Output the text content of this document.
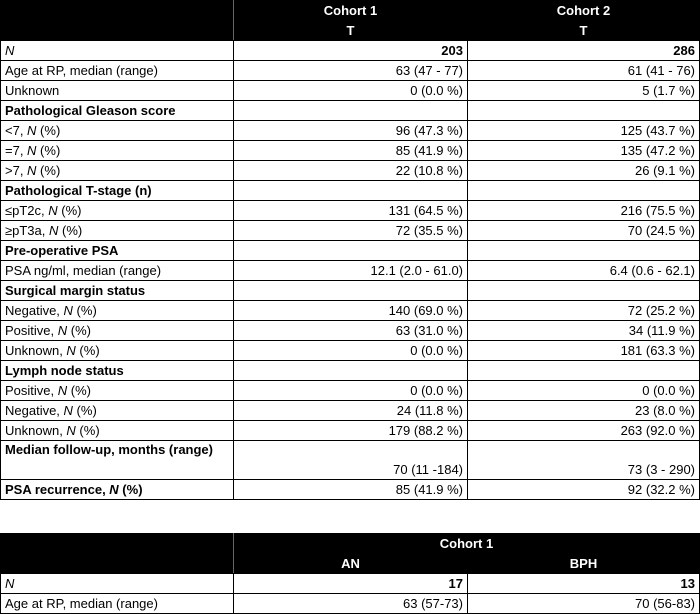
	Cohort 1	Cohort 2
	T	T
N	203	286
Age at RP, median (range)	63 (47 - 77)	61 (41 - 76)
Unknown	0 (0.0 %)	5 (1.7 %)
Pathological Gleason score		
<7, N (%)	96 (47.3 %)	125 (43.7 %)
=7, N (%)	85 (41.9 %)	135 (47.2 %)
>7, N (%)	22 (10.8 %)	26 (9.1 %)
Pathological T-stage (n)		
≤pT2c, N (%)	131 (64.5 %)	216 (75.5 %)
≥pT3a, N (%)	72 (35.5 %)	70 (24.5 %)
Pre-operative PSA		
PSA ng/ml, median (range)	12.1 (2.0 - 61.0)	6.4 (0.6 - 62.1)
Surgical margin status		
Negative, N (%)	140 (69.0 %)	72 (25.2 %)
Positive, N (%)	63 (31.0 %)	34 (11.9 %)
Unknown, N (%)	0 (0.0 %)	181 (63.3 %)
Lymph node status		
Positive, N (%)	0 (0.0 %)	0 (0.0 %)
Negative, N (%)	24 (11.8 %)	23 (8.0 %)
Unknown, N (%)	179 (88.2 %)	263 (92.0 %)
Median follow-up, months (range)	70 (11 -184)	73 (3 - 290)
PSA recurrence, N (%)	85 (41.9 %)	92 (32.2 %)
	Cohort 1	
	AN	BPH
N	17	13
Age at RP, median (range)	63 (57-73)	70 (56-83)
